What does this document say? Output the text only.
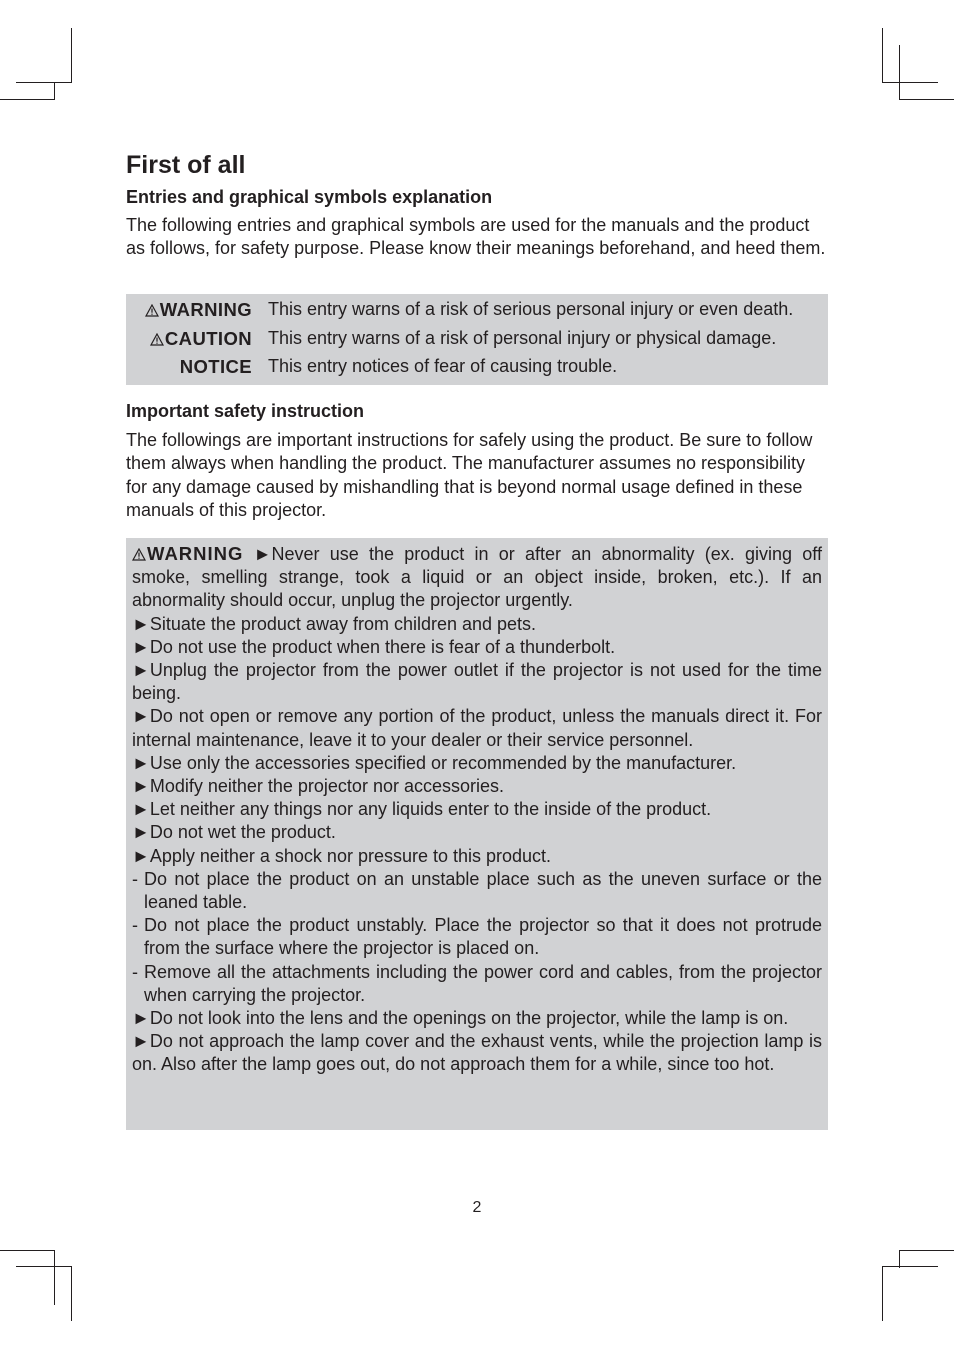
First of all
Entries and graphical symbols explanation

The following entries and graphical symbols are used for the manuals and the product as follows, for safety purpose. Please know their meanings beforehand, and heed them.

WARNING This entry warns of a risk of serious personal injury or even death.
CAUTION This entry warns of a risk of personal injury or physical damage.
NOTICE This entry notices of fear of causing trouble.
Important safety instruction

The followings are important instructions for safely using the product. Be sure to follow them always when handling the product. The manufacturer assumes no responsibility for any damage caused by mishandling that is beyond normal usage defined in these manuals of this projector.

WARNING ►Never use the product in or after an abnormality (ex. giving off smoke, smelling strange, took a liquid or an object inside, broken, etc.). If an abnormality should occur, unplug the projector urgently.

►Situate the product away from children and pets.

►Do not use the product when there is fear of a thunderbolt.

►Unplug the projector from the power outlet if the projector is not used for the time being.

►Do not open or remove any portion of the product, unless the manuals direct it. For internal maintenance, leave it to your dealer or their service personnel.

►Use only the accessories specified or recommended by the manufacturer.

►Modify neither the projector nor accessories.

►Let neither any things nor any liquids enter to the inside of the product.

►Do not wet the product.

►Apply neither a shock nor pressure to this product.

- Do not place the product on an unstable place such as the uneven surface or the leaned table.

- Do not place the product unstably. Place the projector so that it does not protrude from the surface where the projector is placed on.

- Remove all the attachments including the power cord and cables, from the projector when carrying the projector.

►Do not look into the lens and the openings on the projector, while the lamp is on.

►Do not approach the lamp cover and the exhaust vents, while the projection lamp is on. Also after the lamp goes out, do not approach them for a while, since too hot.

2
